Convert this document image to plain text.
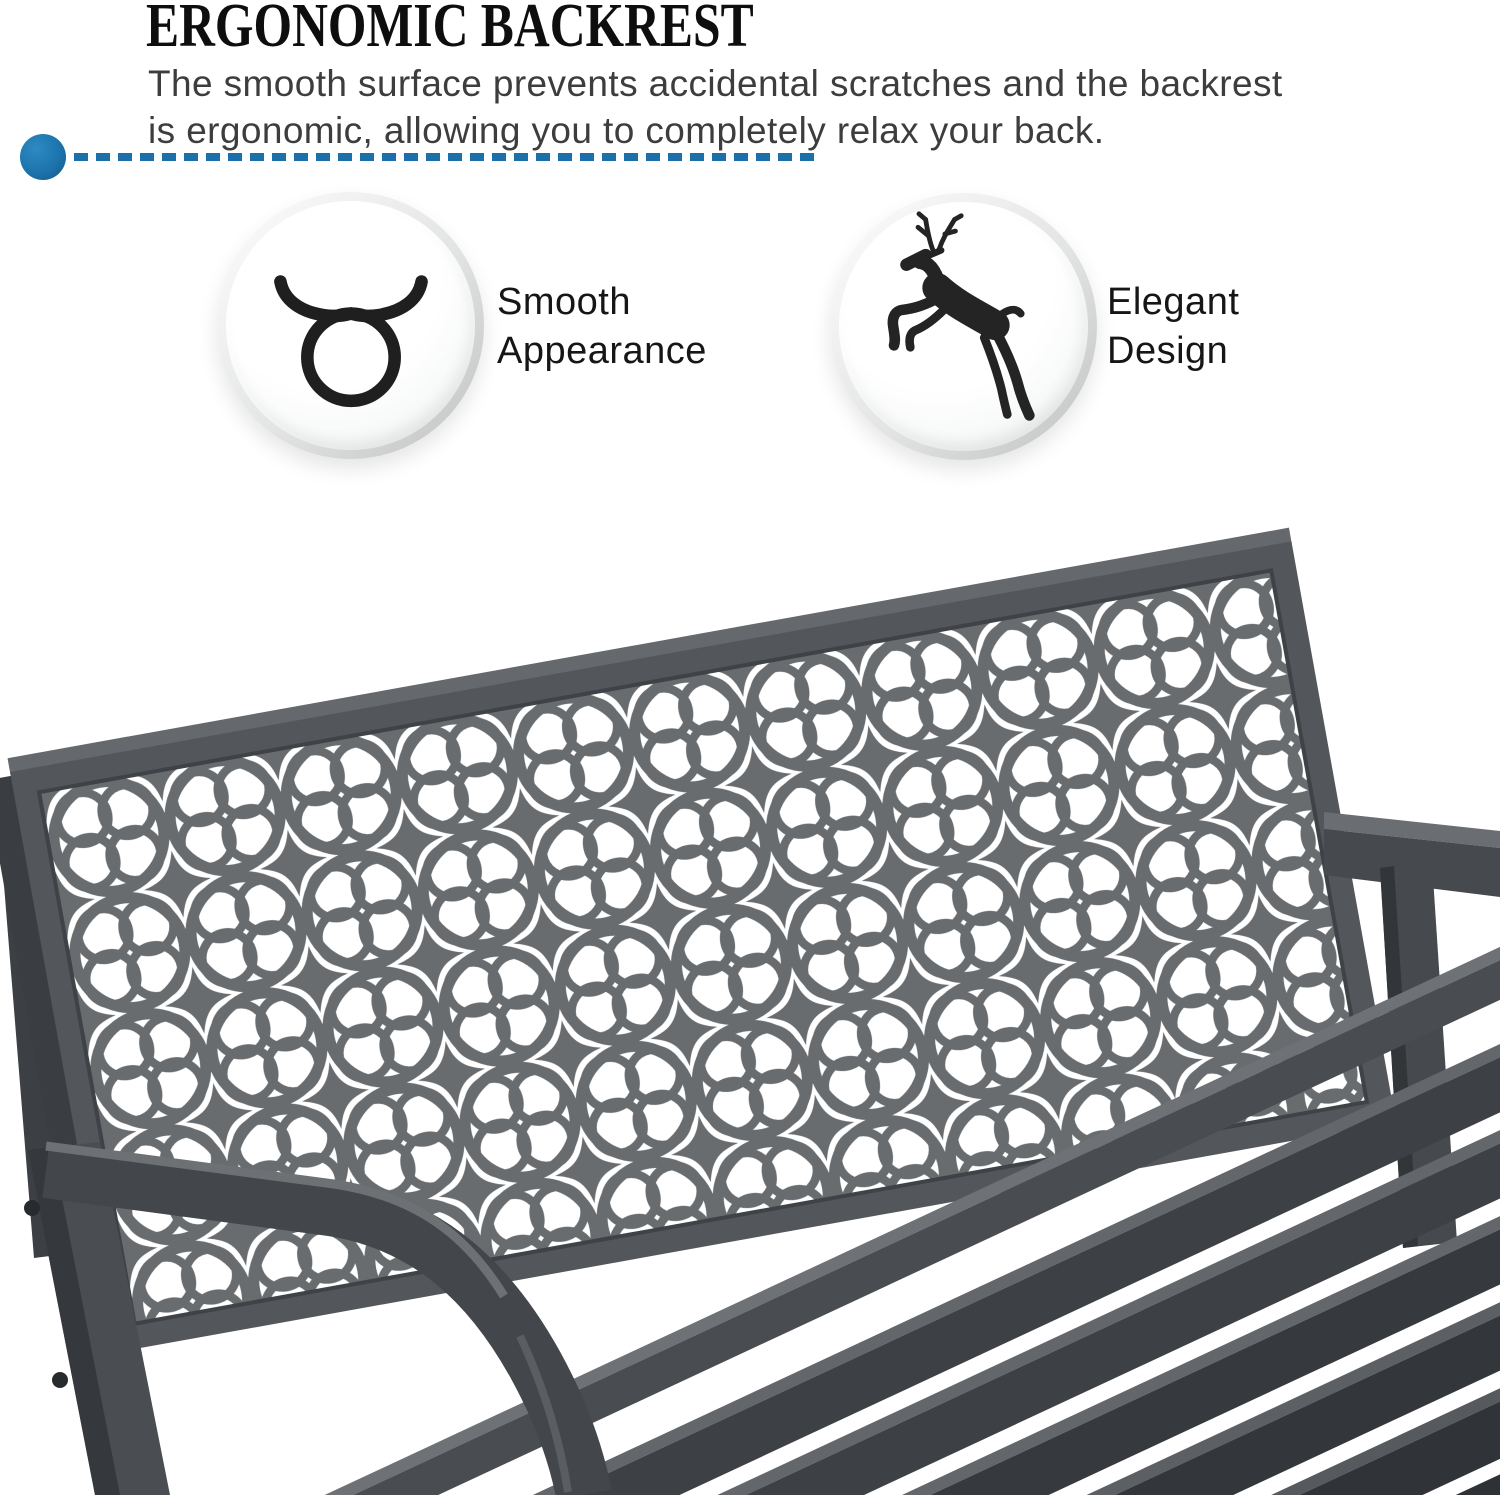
ERGONOMIC BACKREST

The smooth surface prevents accidental scratches and the backrest
is ergonomic, allowing you to completely relax your back.

Smooth
Appearance
Elegant
Design
